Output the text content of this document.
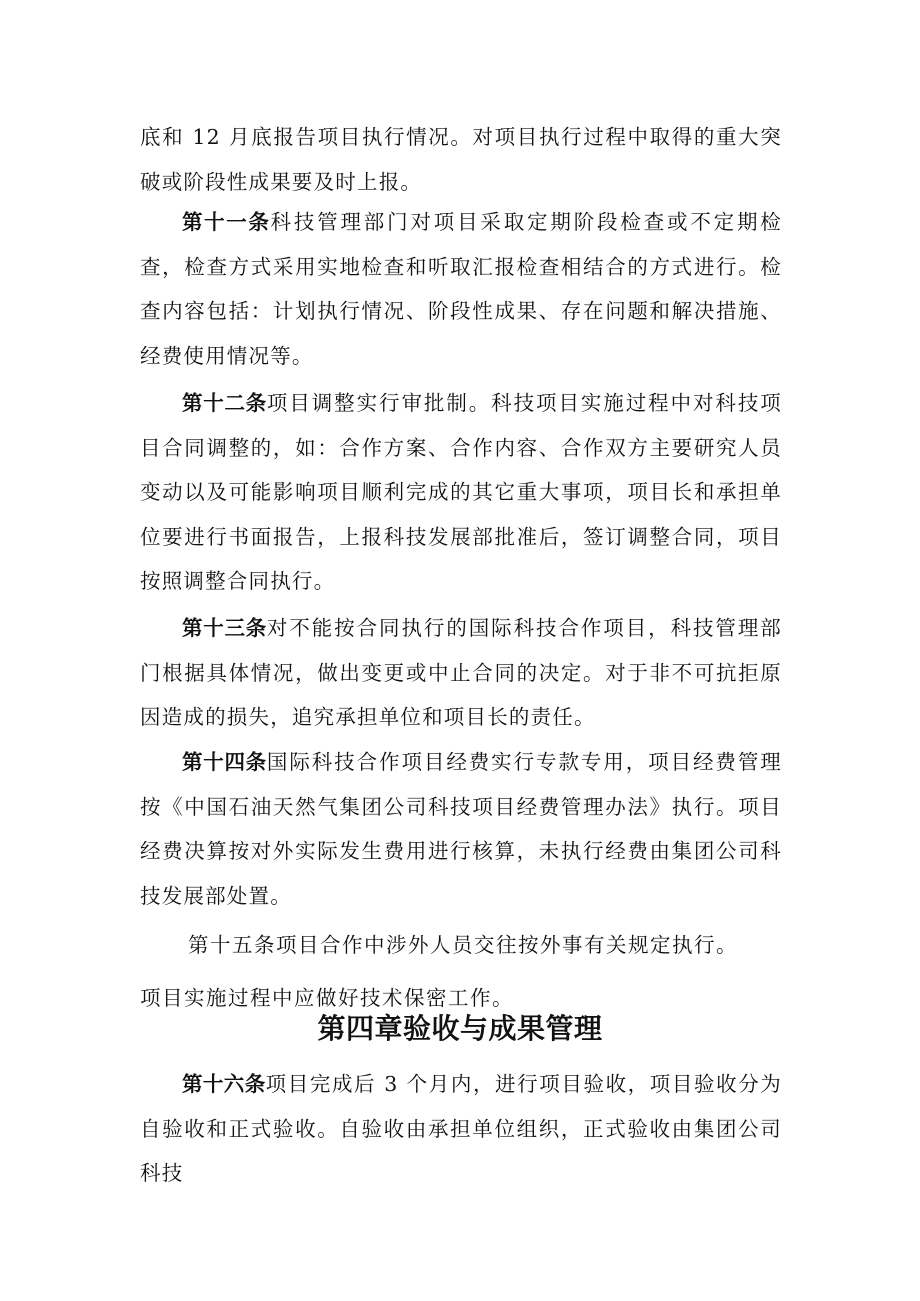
底和 12 月底报告项目执行情况。对项目执行过程中取得的重大突破或阶段性成果要及时上报。

第十一条科技管理部门对项目采取定期阶段检查或不定期检查，检查方式采用实地检查和听取汇报检查相结合的方式进行。检查内容包括：计划执行情况、阶段性成果、存在问题和解决措施、经费使用情况等。

第十二条项目调整实行审批制。科技项目实施过程中对科技项目合同调整的，如：合作方案、合作内容、合作双方主要研究人员变动以及可能影响项目顺利完成的其它重大事项，项目长和承担单位要进行书面报告，上报科技发展部批准后，签订调整合同，项目按照调整合同执行。

第十三条对不能按合同执行的国际科技合作项目，科技管理部门根据具体情况，做出变更或中止合同的决定。对于非不可抗拒原因造成的损失，追究承担单位和项目长的责任。

第十四条国际科技合作项目经费实行专款专用，项目经费管理按《中国石油天然气集团公司科技项目经费管理办法》执行。项目经费决算按对外实际发生费用进行核算，未执行经费由集团公司科技发展部处置。

第十五条项目合作中涉外人员交往按外事有关规定执行。

项目实施过程中应做好技术保密工作。

第四章验收与成果管理

第十六条项目完成后 3 个月内，进行项目验收，项目验收分为自验收和正式验收。自验收由承担单位组织，正式验收由集团公司科技
